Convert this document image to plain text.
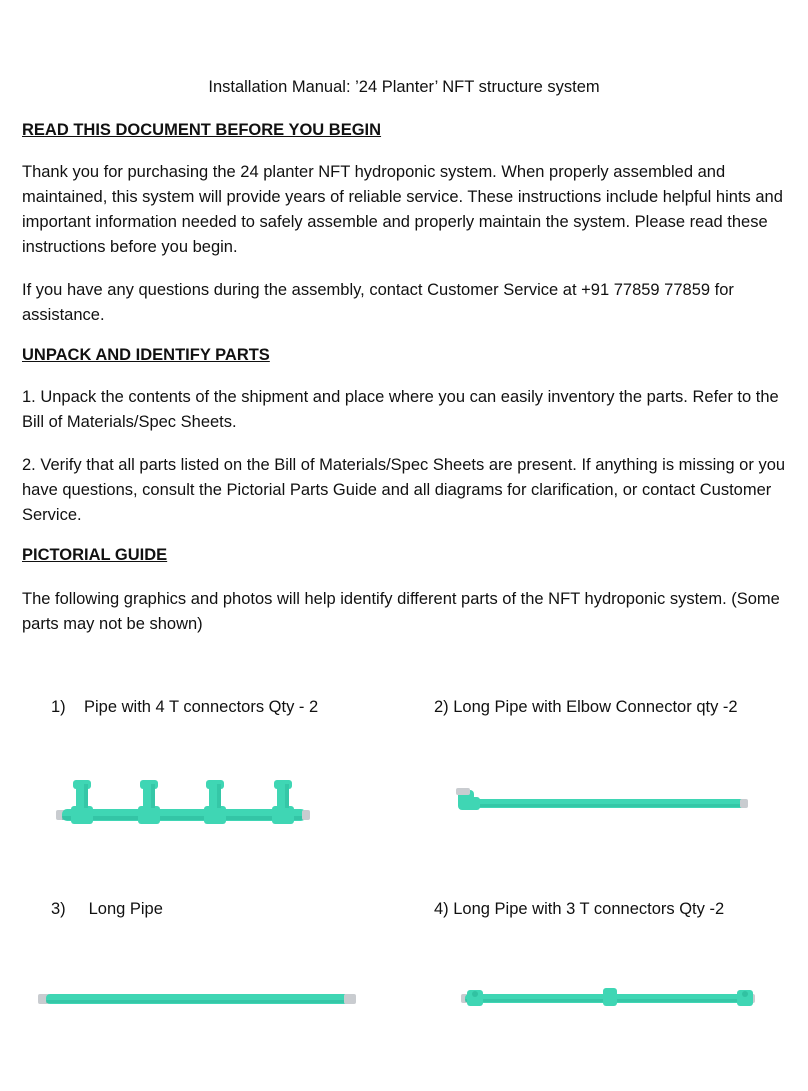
Installation Manual: ’24 Planter’ NFT structure system
READ THIS DOCUMENT BEFORE YOU BEGIN

Thank you for purchasing the 24 planter NFT hydroponic system. When properly assembled and maintained, this system will provide years of reliable service. These instructions include helpful hints and important information needed to safely assemble and properly maintain the system. Please read these instructions before you begin.

If you have any questions during the assembly, contact Customer Service at +91 77859 77859 for assistance.

UNPACK AND IDENTIFY PARTS

1. Unpack the contents of the shipment and place where you can easily inventory the parts. Refer to the Bill of Materials/Spec Sheets.

2. Verify that all parts listed on the Bill of Materials/Spec Sheets are present. If anything is missing or you have questions, consult the Pictorial Parts Guide and all diagrams for clarification, or contact Customer Service.

PICTORIAL GUIDE

The following graphics and photos will help identify different parts of the NFT hydroponic system. (Some parts may not be shown)

1)    Pipe with 4 T connectors Qty - 2	2) Long Pipe with Elbow Connector qty -2
3)     Long Pipe	4) Long Pipe with 3 T connectors Qty -2
